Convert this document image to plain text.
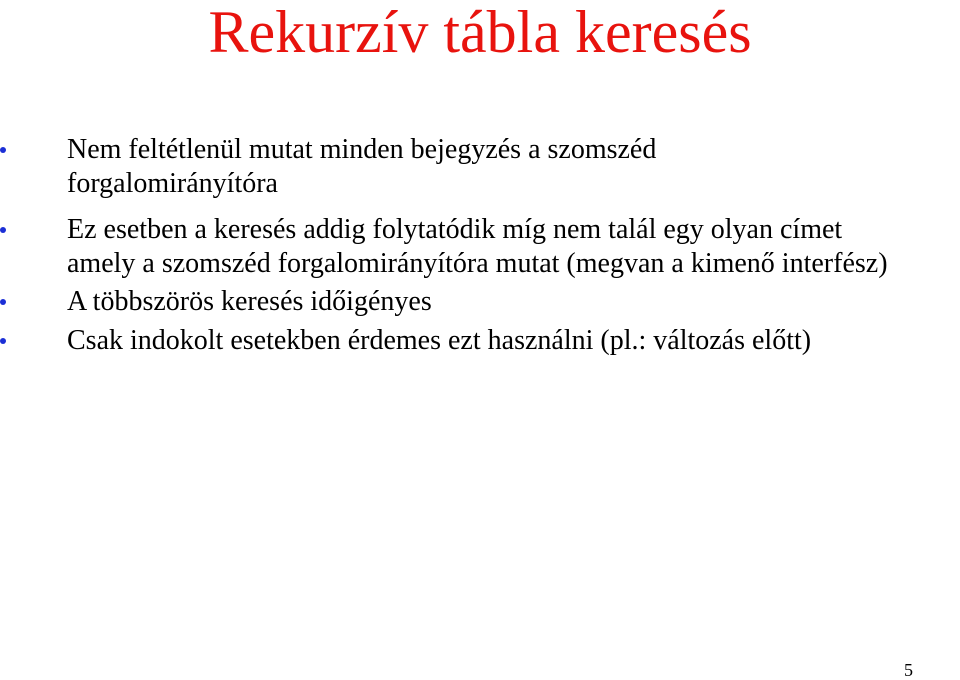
Rekurzív tábla keresés
Nem feltétlenül mutat minden bejegyzés a szomszéd forgalomirányítóra
Ez esetben a keresés addig folytatódik míg nem talál egy olyan címet amely a szomszéd forgalomirányítóra mutat (megvan a kimenő interfész)
A többszörös keresés időigényes
Csak indokolt esetekben érdemes ezt használni (pl.: változás előtt)
5
